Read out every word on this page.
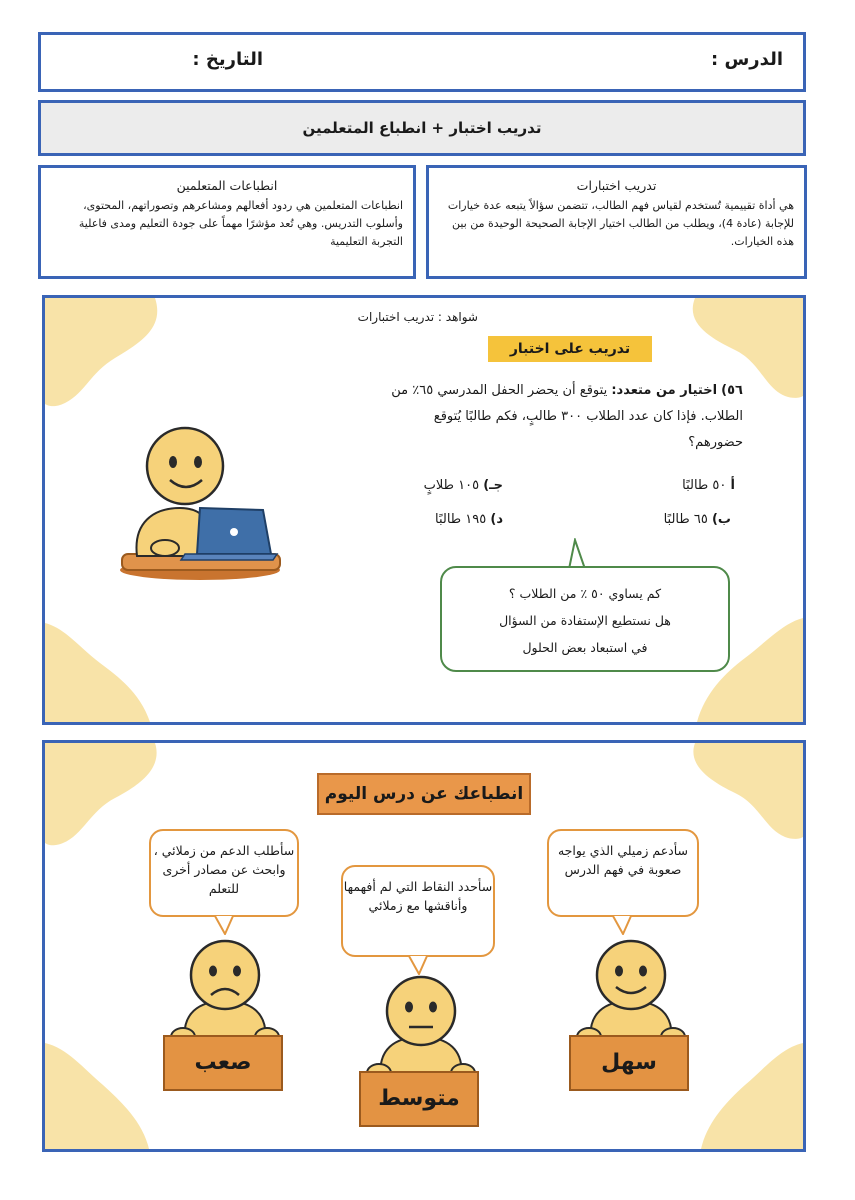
الدرس :
التاريخ :
تدريب اختبار + انطباع المتعلمين
تدريب اختبارات

هي أداة تقييمية تُستخدم لقياس فهم الطالب، تتضمن سؤالاً يتبعه عدة خيارات للإجابة (عادة 4)، ويطلب من الطالب اختيار الإجابة الصحيحة الوحيدة من بين هذه الخيارات.

انطباعات المتعلمين

انطباعات المتعلمين هي ردود أفعالهم ومشاعرهم وتصوراتهم، المحتوى، وأسلوب التدريس. وهي تُعد مؤشرًا مهماً على جودة التعليم ومدى فاعلية التجربة التعليمية

شواهد : تدريب اختبارات
تدريب على اختبار
٥٦) اختيار من متعدد: يتوقع أن يحضر الحفل المدرسي ٦٥٪ من الطلاب. فإذا كان عدد الطلاب ٣٠٠ طالبٍ، فكم طالبًا يُتوقع حضورهم؟
أ ٥٠ طالبًا
ب) ٦٥ طالبًا
جـ) ١٠٥ طلابٍ
د) ١٩٥ طالبًا
كم يساوي ٥٠ ٪ من الطلاب ؟
هل نستطيع الإستفادة من السؤال
في استبعاد بعض الحلول
انطباعك عن درس اليوم
سأدعم زميلي الذي يواجه صعوبة في فهم الدرس
سأحدد النقاط التي لم أفهمها وأناقشها مع زملائي
سأطلب الدعم من زملائي ، وابحث عن مصادر أخرى للتعلم
سهل
متوسط
صعب
